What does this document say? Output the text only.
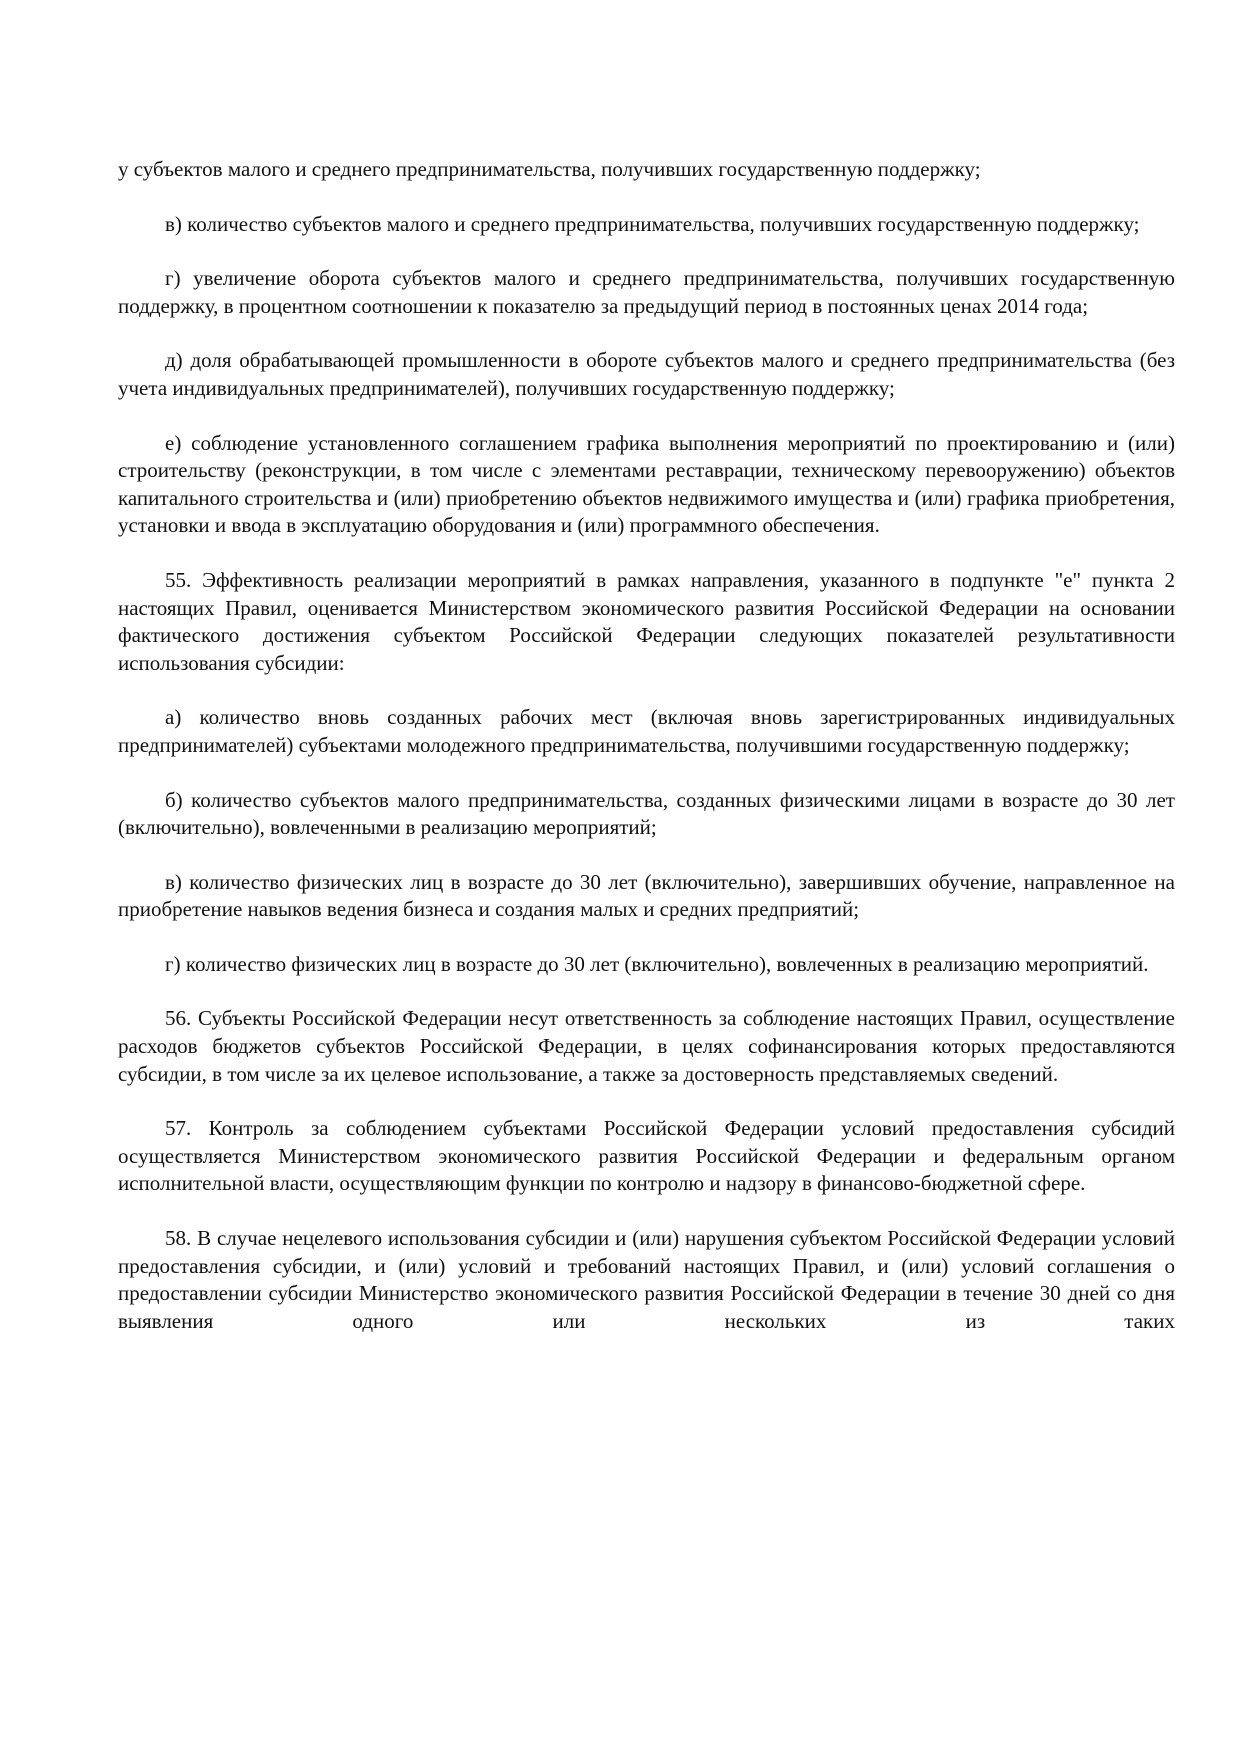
у субъектов малого и среднего предпринимательства, получивших государственную поддержку;

в) количество субъектов малого и среднего предпринимательства, получивших государственную поддержку;

г) увеличение оборота субъектов малого и среднего предпринимательства, получивших государственную поддержку, в процентном соотношении к показателю за предыдущий период в постоянных ценах 2014 года;

д) доля обрабатывающей промышленности в обороте субъектов малого и среднего предпринимательства (без учета индивидуальных предпринимателей), получивших государственную поддержку;

е) соблюдение установленного соглашением графика выполнения мероприятий по проектированию и (или) строительству (реконструкции, в том числе с элементами реставрации, техническому перевооружению) объектов капитального строительства и (или) приобретению объектов недвижимого имущества и (или) графика приобретения, установки и ввода в эксплуатацию оборудования и (или) программного обеспечения.

55. Эффективность реализации мероприятий в рамках направления, указанного в подпункте "е" пункта 2 настоящих Правил, оценивается Министерством экономического развития Российской Федерации на основании фактического достижения субъектом Российской Федерации следующих показателей результативности использования субсидии:

а) количество вновь созданных рабочих мест (включая вновь зарегистрированных индивидуальных предпринимателей) субъектами молодежного предпринимательства, получившими государственную поддержку;

б) количество субъектов малого предпринимательства, созданных физическими лицами в возрасте до 30 лет (включительно), вовлеченными в реализацию мероприятий;

в) количество физических лиц в возрасте до 30 лет (включительно), завершивших обучение, направленное на приобретение навыков ведения бизнеса и создания малых и средних предприятий;

г) количество физических лиц в возрасте до 30 лет (включительно), вовлеченных в реализацию мероприятий.

56. Субъекты Российской Федерации несут ответственность за соблюдение настоящих Правил, осуществление расходов бюджетов субъектов Российской Федерации, в целях софинансирования которых предоставляются субсидии, в том числе за их целевое использование, а также за достоверность представляемых сведений.

57. Контроль за соблюдением субъектами Российской Федерации условий предоставления субсидий осуществляется Министерством экономического развития Российской Федерации и федеральным органом исполнительной власти, осуществляющим функции по контролю и надзору в финансово-бюджетной сфере.

58. В случае нецелевого использования субсидии и (или) нарушения субъектом Российской Федерации условий предоставления субсидии, и (или) условий и требований настоящих Правил, и (или) условий соглашения о предоставлении субсидии Министерство экономического развития Российской Федерации в течение 30 дней со дня выявления одного или нескольких из таких
